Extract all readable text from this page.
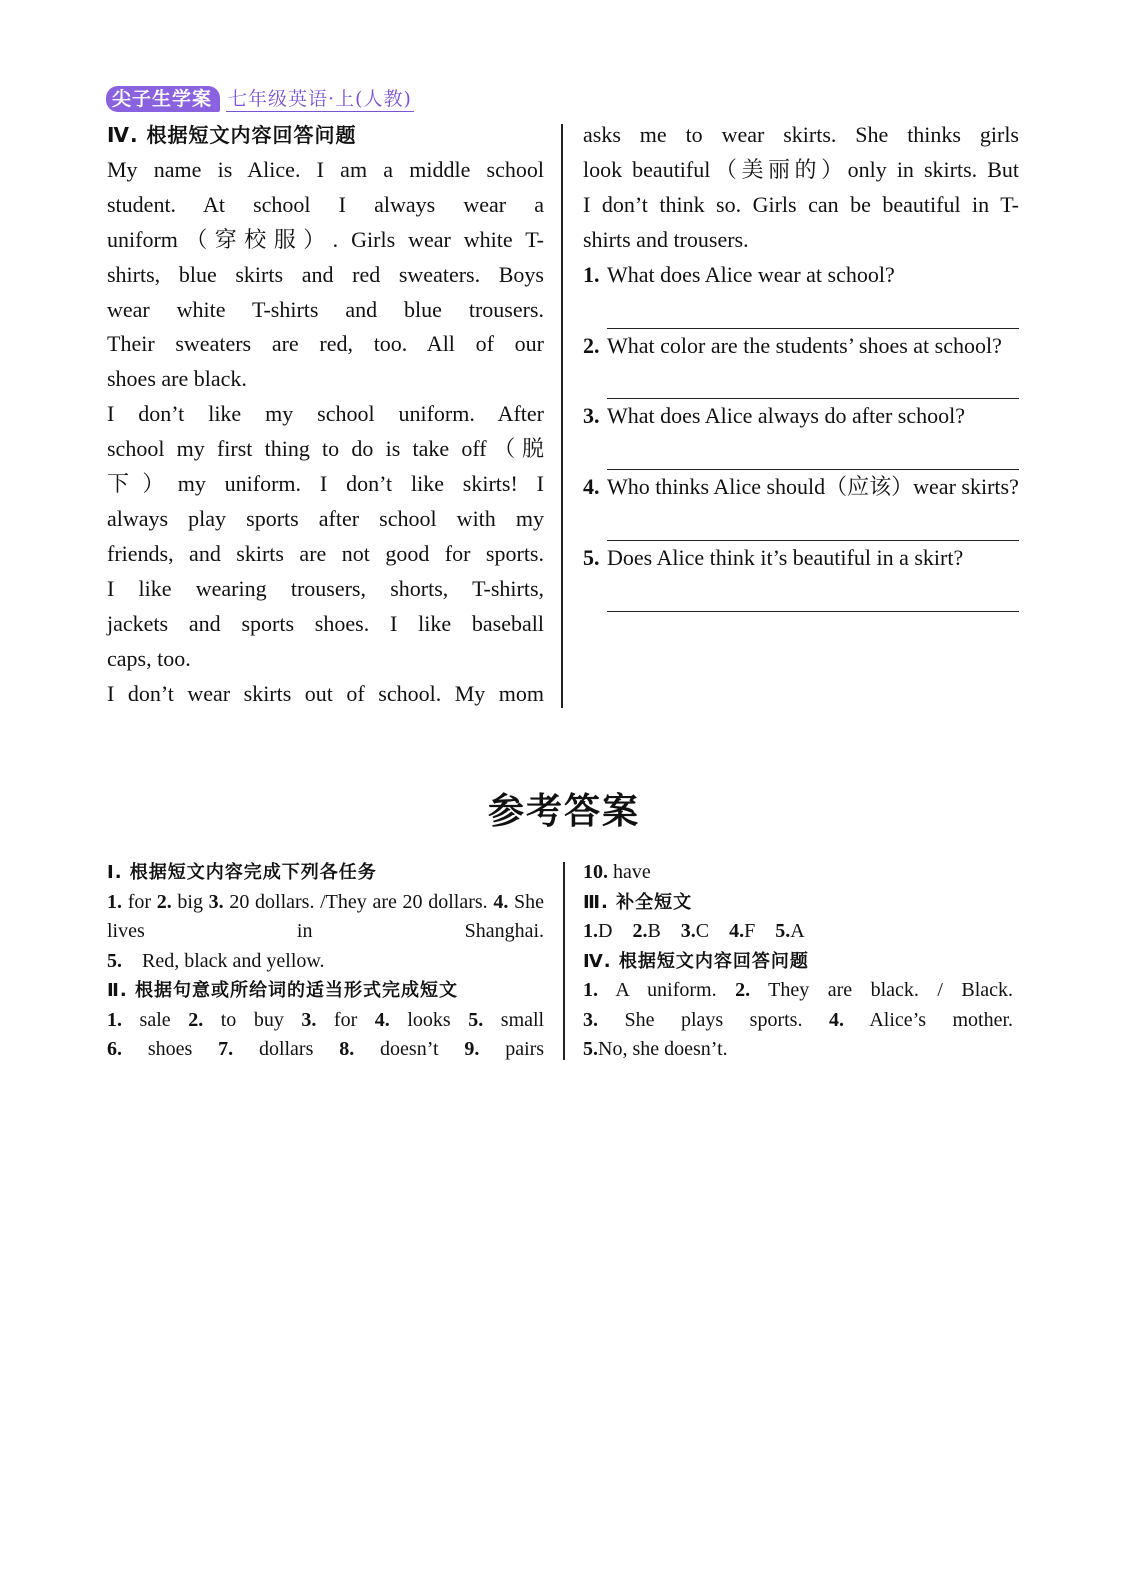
尖子生学案 七年级英语·上(人教)

Ⅳ. 根据短文内容回答问题

My name is Alice. I am a middle school

student. At school I always wear a

uniform（穿校服）. Girls wear white T-

shirts, blue skirts and red sweaters. Boys

wear white T-shirts and blue trousers.

Their sweaters are red, too. All of our

shoes are black.

I don’t like my school uniform. After

school my first thing to do is take off（脱

下）my uniform. I don’t like skirts! I

always play sports after school with my

friends, and skirts are not good for sports.

I like wearing trousers, shorts, T-shirts,

jackets and sports shoes. I like baseball

caps, too.

I don’t wear skirts out of school. My mom

asks me to wear skirts. She thinks girls

look beautiful（美丽的）only in skirts. But

I don’t think so. Girls can be beautiful in T-

shirts and trousers.

1. What does Alice wear at school?
2. What color are the students’ shoes at school?
3. What does Alice always do after school?
4. Who thinks Alice should（应该）wear skirts?
5. Does Alice think it’s beautiful in a skirt?
参考答案

Ⅰ. 根据短文内容完成下列各任务

1. for 2. big 3. 20 dollars. /They are 20 dollars. 4. She lives in Shanghai.

5. Red, black and yellow.

Ⅱ. 根据句意或所给词的适当形式完成短文

1. sale 2. to buy 3. for 4. looks 5. small

6. shoes 7. dollars 8. doesn’t 9. pairs

10. have

Ⅲ. 补全短文

1.D 2.B 3.C 4.F 5.A

Ⅳ. 根据短文内容回答问题

1. A uniform. 2. They are black. / Black.

3. She plays sports. 4. Alice’s mother.

5.No, she doesn’t.
